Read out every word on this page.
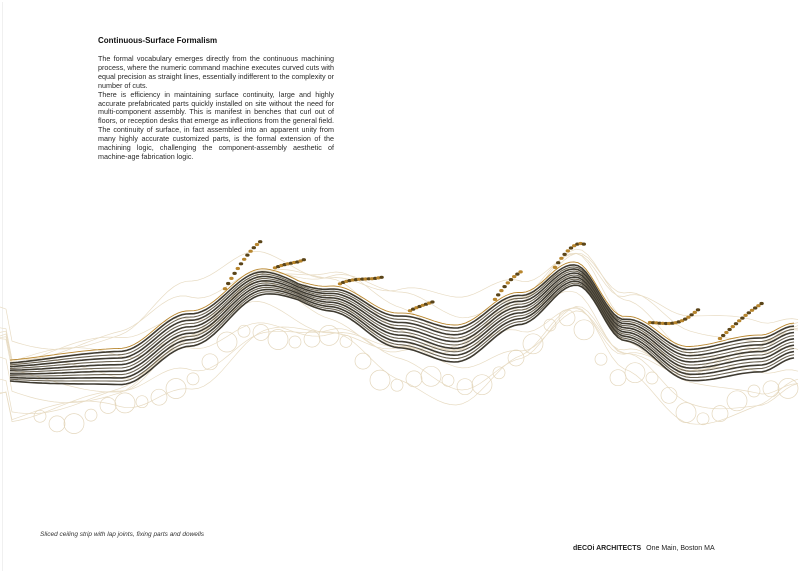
Continuous-Surface Formalism

The formal vocabulary emerges directly from the continuous machining process, where the numeric command machine executes curved cuts with equal precision as straight lines, essentially indifferent to the complexity or number of cuts.

There is efficiency in maintaining surface continuity, large and highly accurate prefabricated parts quickly installed on site without the need for multi-component assembly. This is manifest in benches that curl out of floors, or reception desks that emerge as inflections from the general field. The continuity of surface, in fact assembled into an apparent unity from many highly accurate customized parts, is the formal extension of the machining logic, challenging the component-assembly aesthetic of machine-age fabrication logic.

Sliced ceiling strip with lap joints, fixing parts and dowells
dECOi ARCHITECTS One Main, Boston MA
